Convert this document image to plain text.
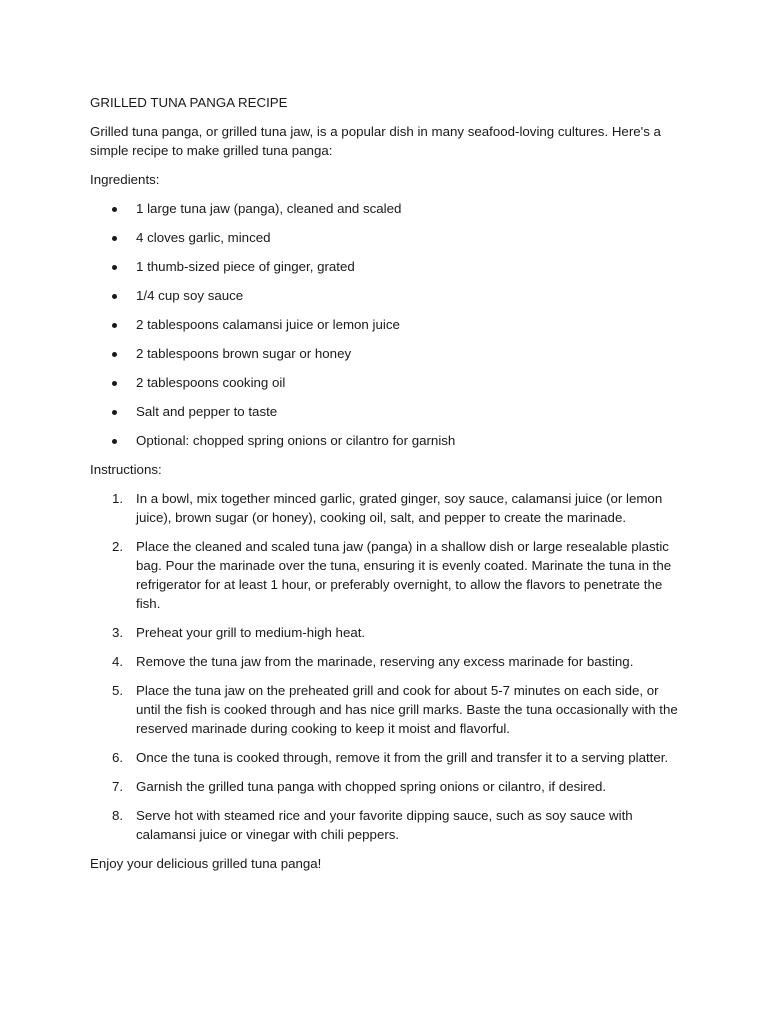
GRILLED TUNA PANGA RECIPE

Grilled tuna panga, or grilled tuna jaw, is a popular dish in many seafood-loving cultures. Here's a simple recipe to make grilled tuna panga:

Ingredients:

1 large tuna jaw (panga), cleaned and scaled
4 cloves garlic, minced
1 thumb-sized piece of ginger, grated
1/4 cup soy sauce
2 tablespoons calamansi juice or lemon juice
2 tablespoons brown sugar or honey
2 tablespoons cooking oil
Salt and pepper to taste
Optional: chopped spring onions or cilantro for garnish

Instructions:

1. In a bowl, mix together minced garlic, grated ginger, soy sauce, calamansi juice (or lemon juice), brown sugar (or honey), cooking oil, salt, and pepper to create the marinade.
2. Place the cleaned and scaled tuna jaw (panga) in a shallow dish or large resealable plastic bag. Pour the marinade over the tuna, ensuring it is evenly coated. Marinate the tuna in the refrigerator for at least 1 hour, or preferably overnight, to allow the flavors to penetrate the fish.
3. Preheat your grill to medium-high heat.
4. Remove the tuna jaw from the marinade, reserving any excess marinade for basting.
5. Place the tuna jaw on the preheated grill and cook for about 5-7 minutes on each side, or until the fish is cooked through and has nice grill marks. Baste the tuna occasionally with the reserved marinade during cooking to keep it moist and flavorful.
6. Once the tuna is cooked through, remove it from the grill and transfer it to a serving platter.
7. Garnish the grilled tuna panga with chopped spring onions or cilantro, if desired.
8. Serve hot with steamed rice and your favorite dipping sauce, such as soy sauce with calamansi juice or vinegar with chili peppers.

Enjoy your delicious grilled tuna panga!
